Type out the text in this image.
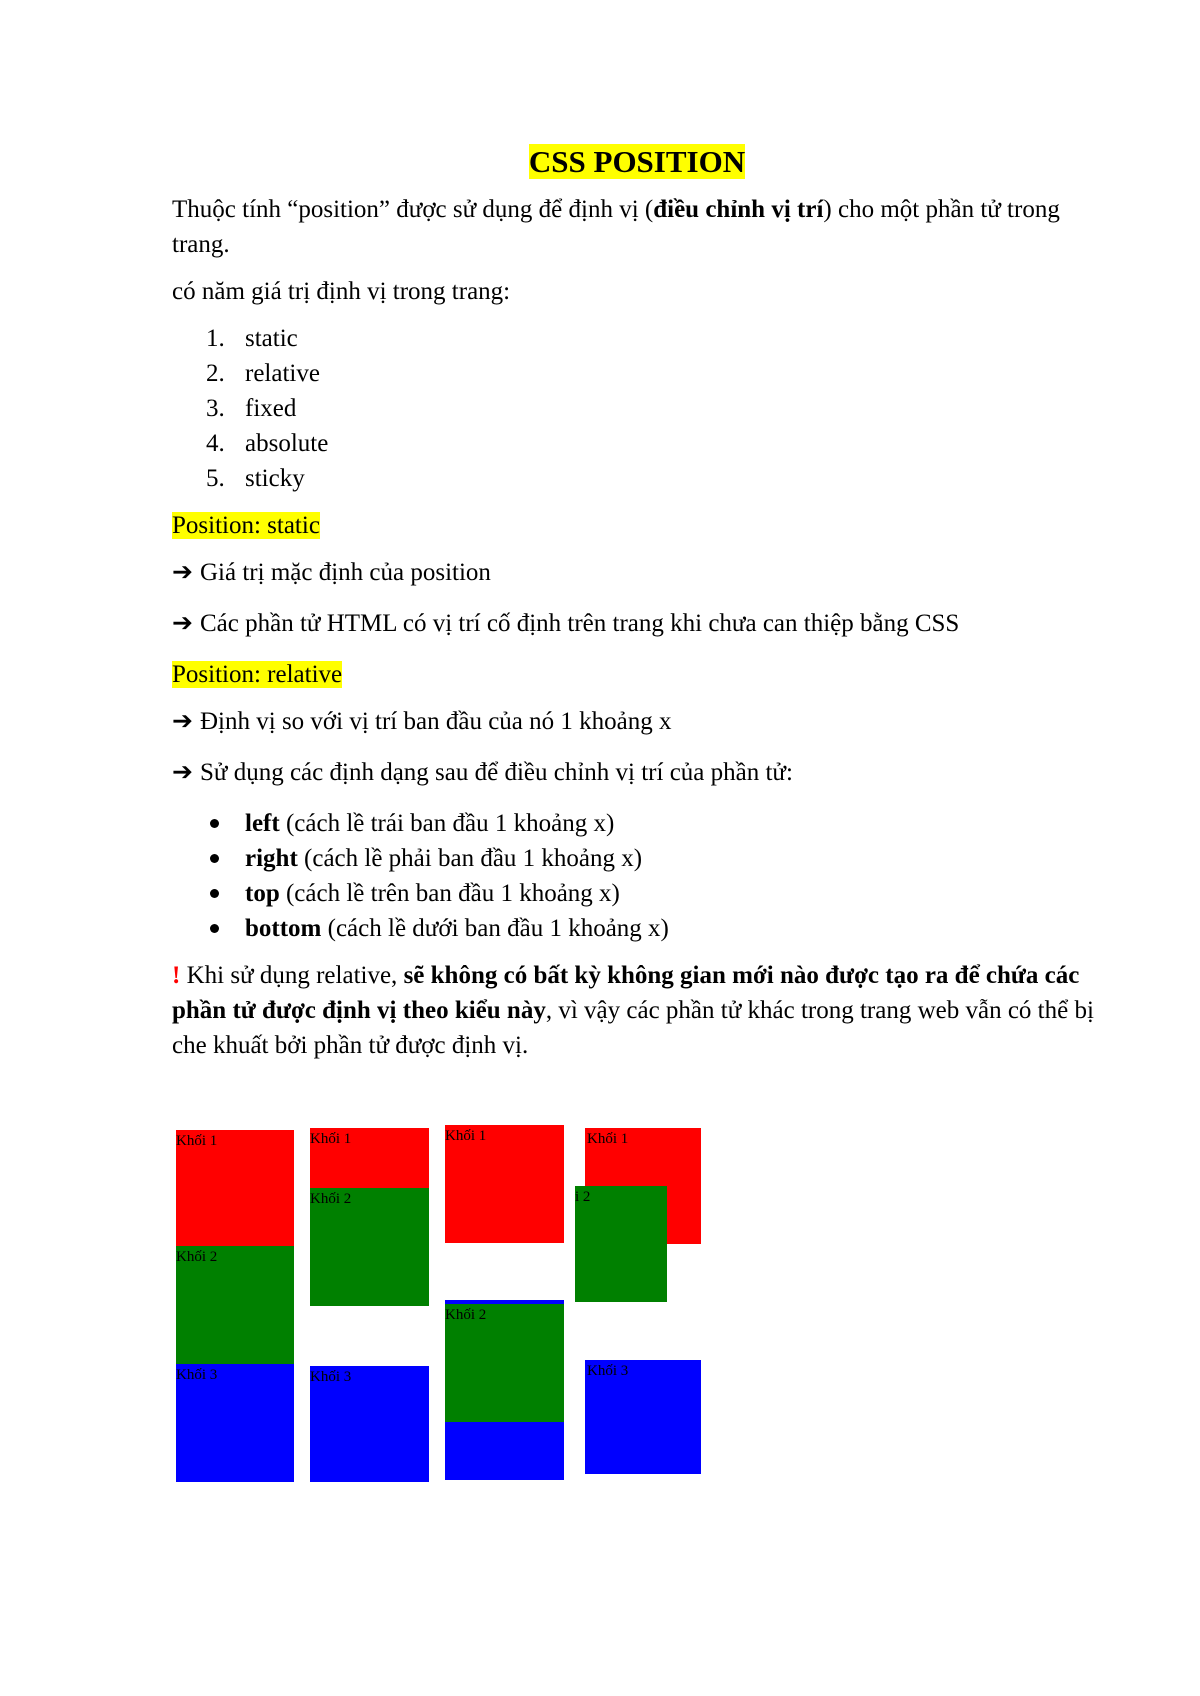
CSS POSITION

Thuộc tính “position” được sử dụng để định vị (điều chỉnh vị trí) cho một phần tử trong trang.

có năm giá trị định vị trong trang:

1. static
2. relative
3. fixed
4. absolute
5. sticky

Position: static

➔ Giá trị mặc định của position

➔ Các phần tử HTML có vị trí cố định trên trang khi chưa can thiệp bằng CSS

Position: relative

➔ Định vị so với vị trí ban đầu của nó 1 khoảng x

➔ Sử dụng các định dạng sau để điều chỉnh vị trí của phần tử:

left (cách lề trái ban đầu 1 khoảng x)
right (cách lề phải ban đầu 1 khoảng x)
top (cách lề trên ban đầu 1 khoảng x)
bottom (cách lề dưới ban đầu 1 khoảng x)

! Khi sử dụng relative, sẽ không có bất kỳ không gian mới nào được tạo ra để chứa các phần tử được định vị theo kiểu này, vì vậy các phần tử khác trong trang web vẫn có thể bị che khuất bởi phần tử được định vị.

Khối 1
Khối 2
Khối 3
Khối 1
Khối 2
Khối 3
Khối 1
Khối 2
Khối 1
i 2
Khối 3
